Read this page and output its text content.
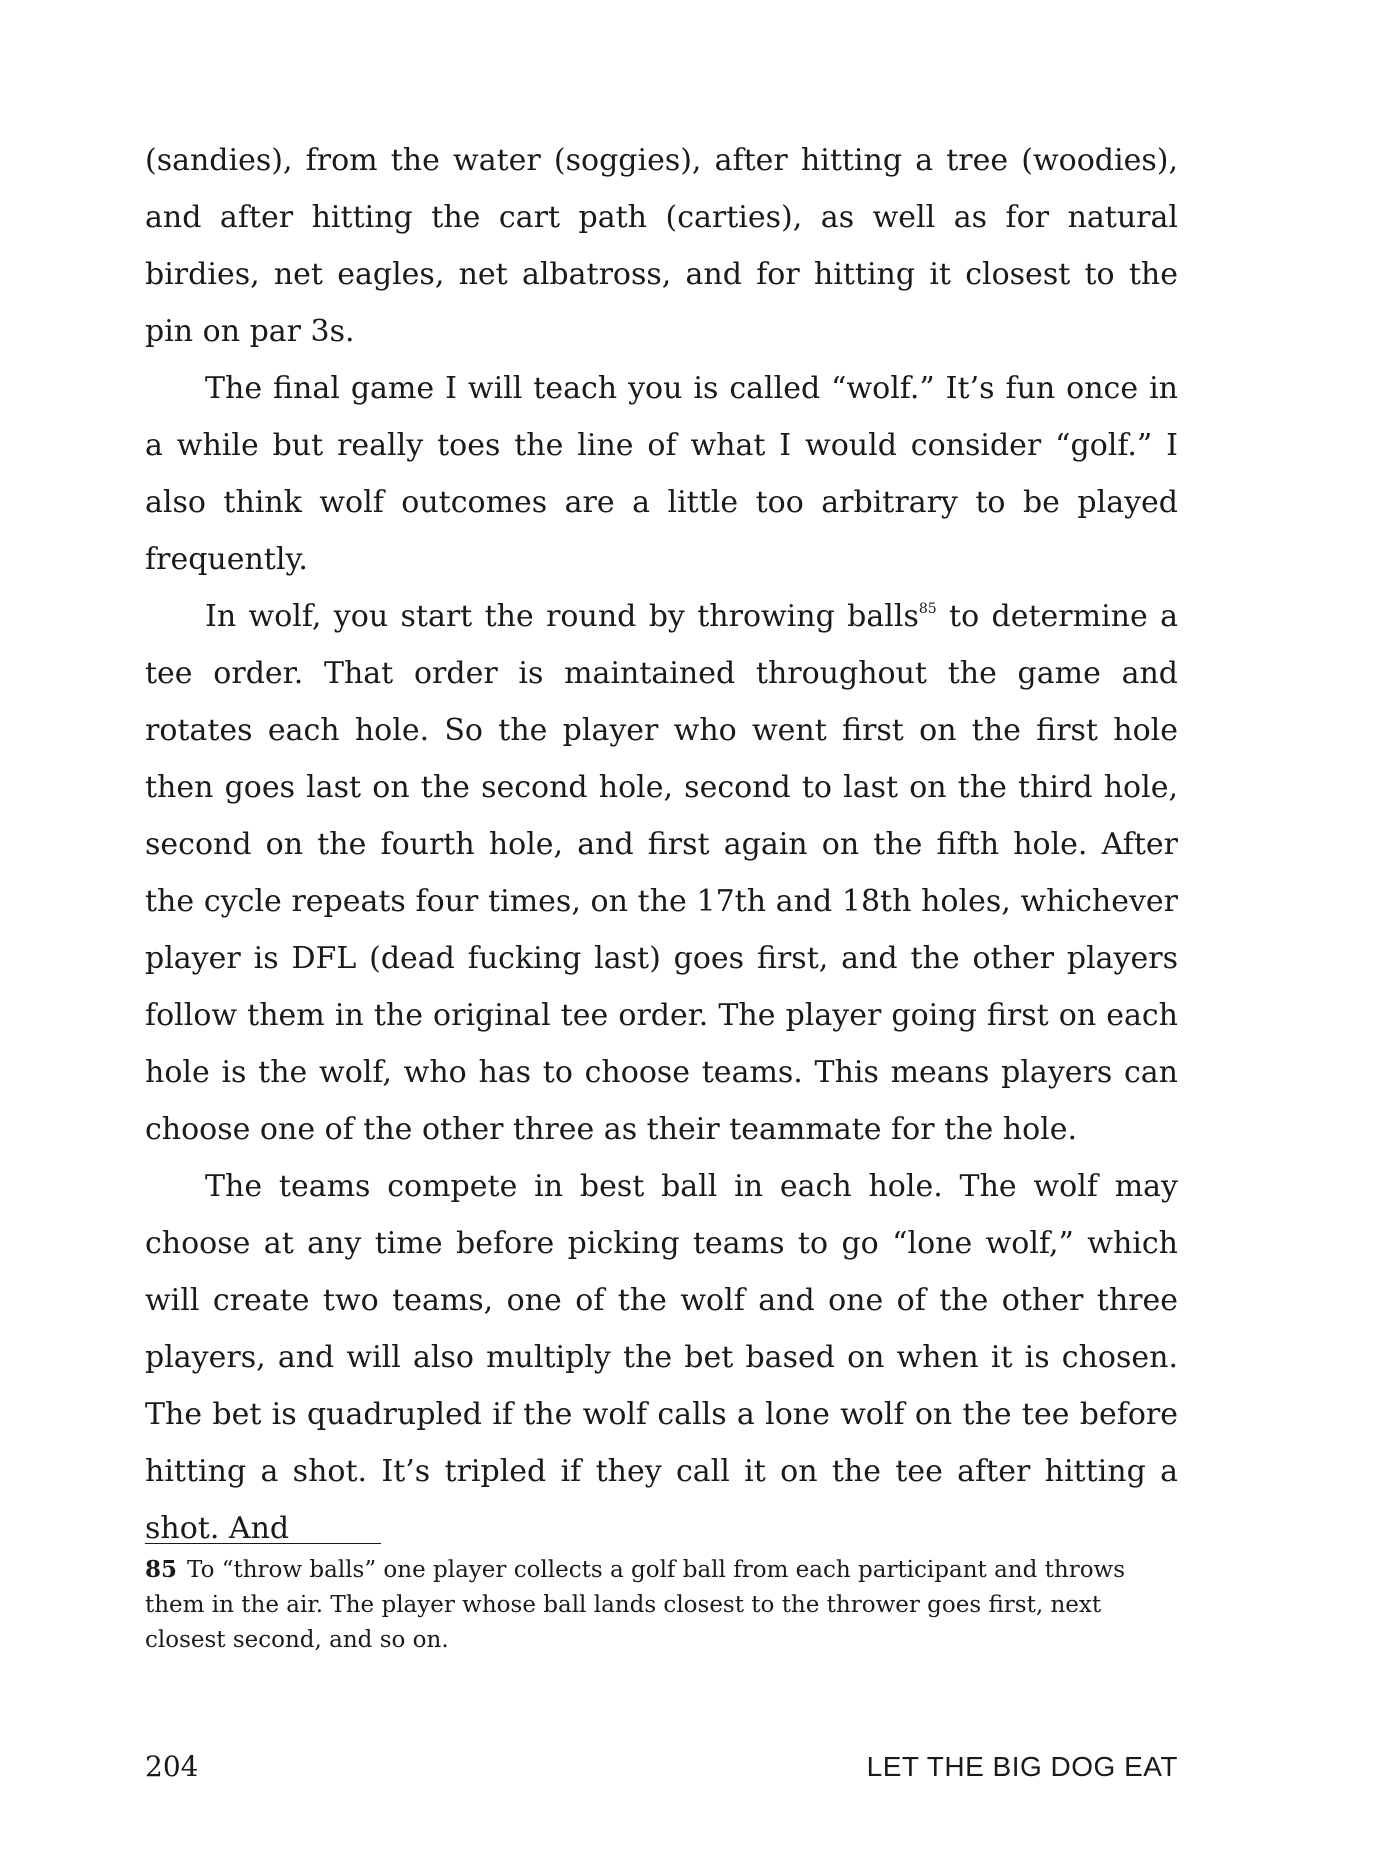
(sandies), from the water (soggies), after hitting a tree (woodies), and after hitting the cart path (carties), as well as for natural birdies, net eagles, net albatross, and for hitting it closest to the pin on par 3s.

The final game I will teach you is called “wolf.” It’s fun once in a while but really toes the line of what I would consider “golf.” I also think wolf outcomes are a little too arbitrary to be played frequently.

In wolf, you start the round by throwing balls$^{85}$ to determine a tee order. That order is maintained throughout the game and rotates each hole. So the player who went first on the first hole then goes last on the second hole, second to last on the third hole, second on the fourth hole, and first again on the fifth hole. After the cycle repeats four times, on the 17th and 18th holes, whichever player is DFL (dead fucking last) goes first, and the other players follow them in the original tee order. The player going first on each hole is the wolf, who has to choose teams. This means players can choose one of the other three as their teammate for the hole.

The teams compete in best ball in each hole. The wolf may choose at any time before picking teams to go “lone wolf,” which will create two teams, one of the wolf and one of the other three players, and will also multiply the bet based on when it is chosen. The bet is quadrupled if the wolf calls a lone wolf on the tee before hitting a shot. It’s tripled if they call it on the tee after hitting a shot. And

85 To “throw balls” one player collects a golf ball from each participant and throws them in the air. The player whose ball lands closest to the thrower goes first, next closest second, and so on.

204	LET THE BIG DOG EAT
